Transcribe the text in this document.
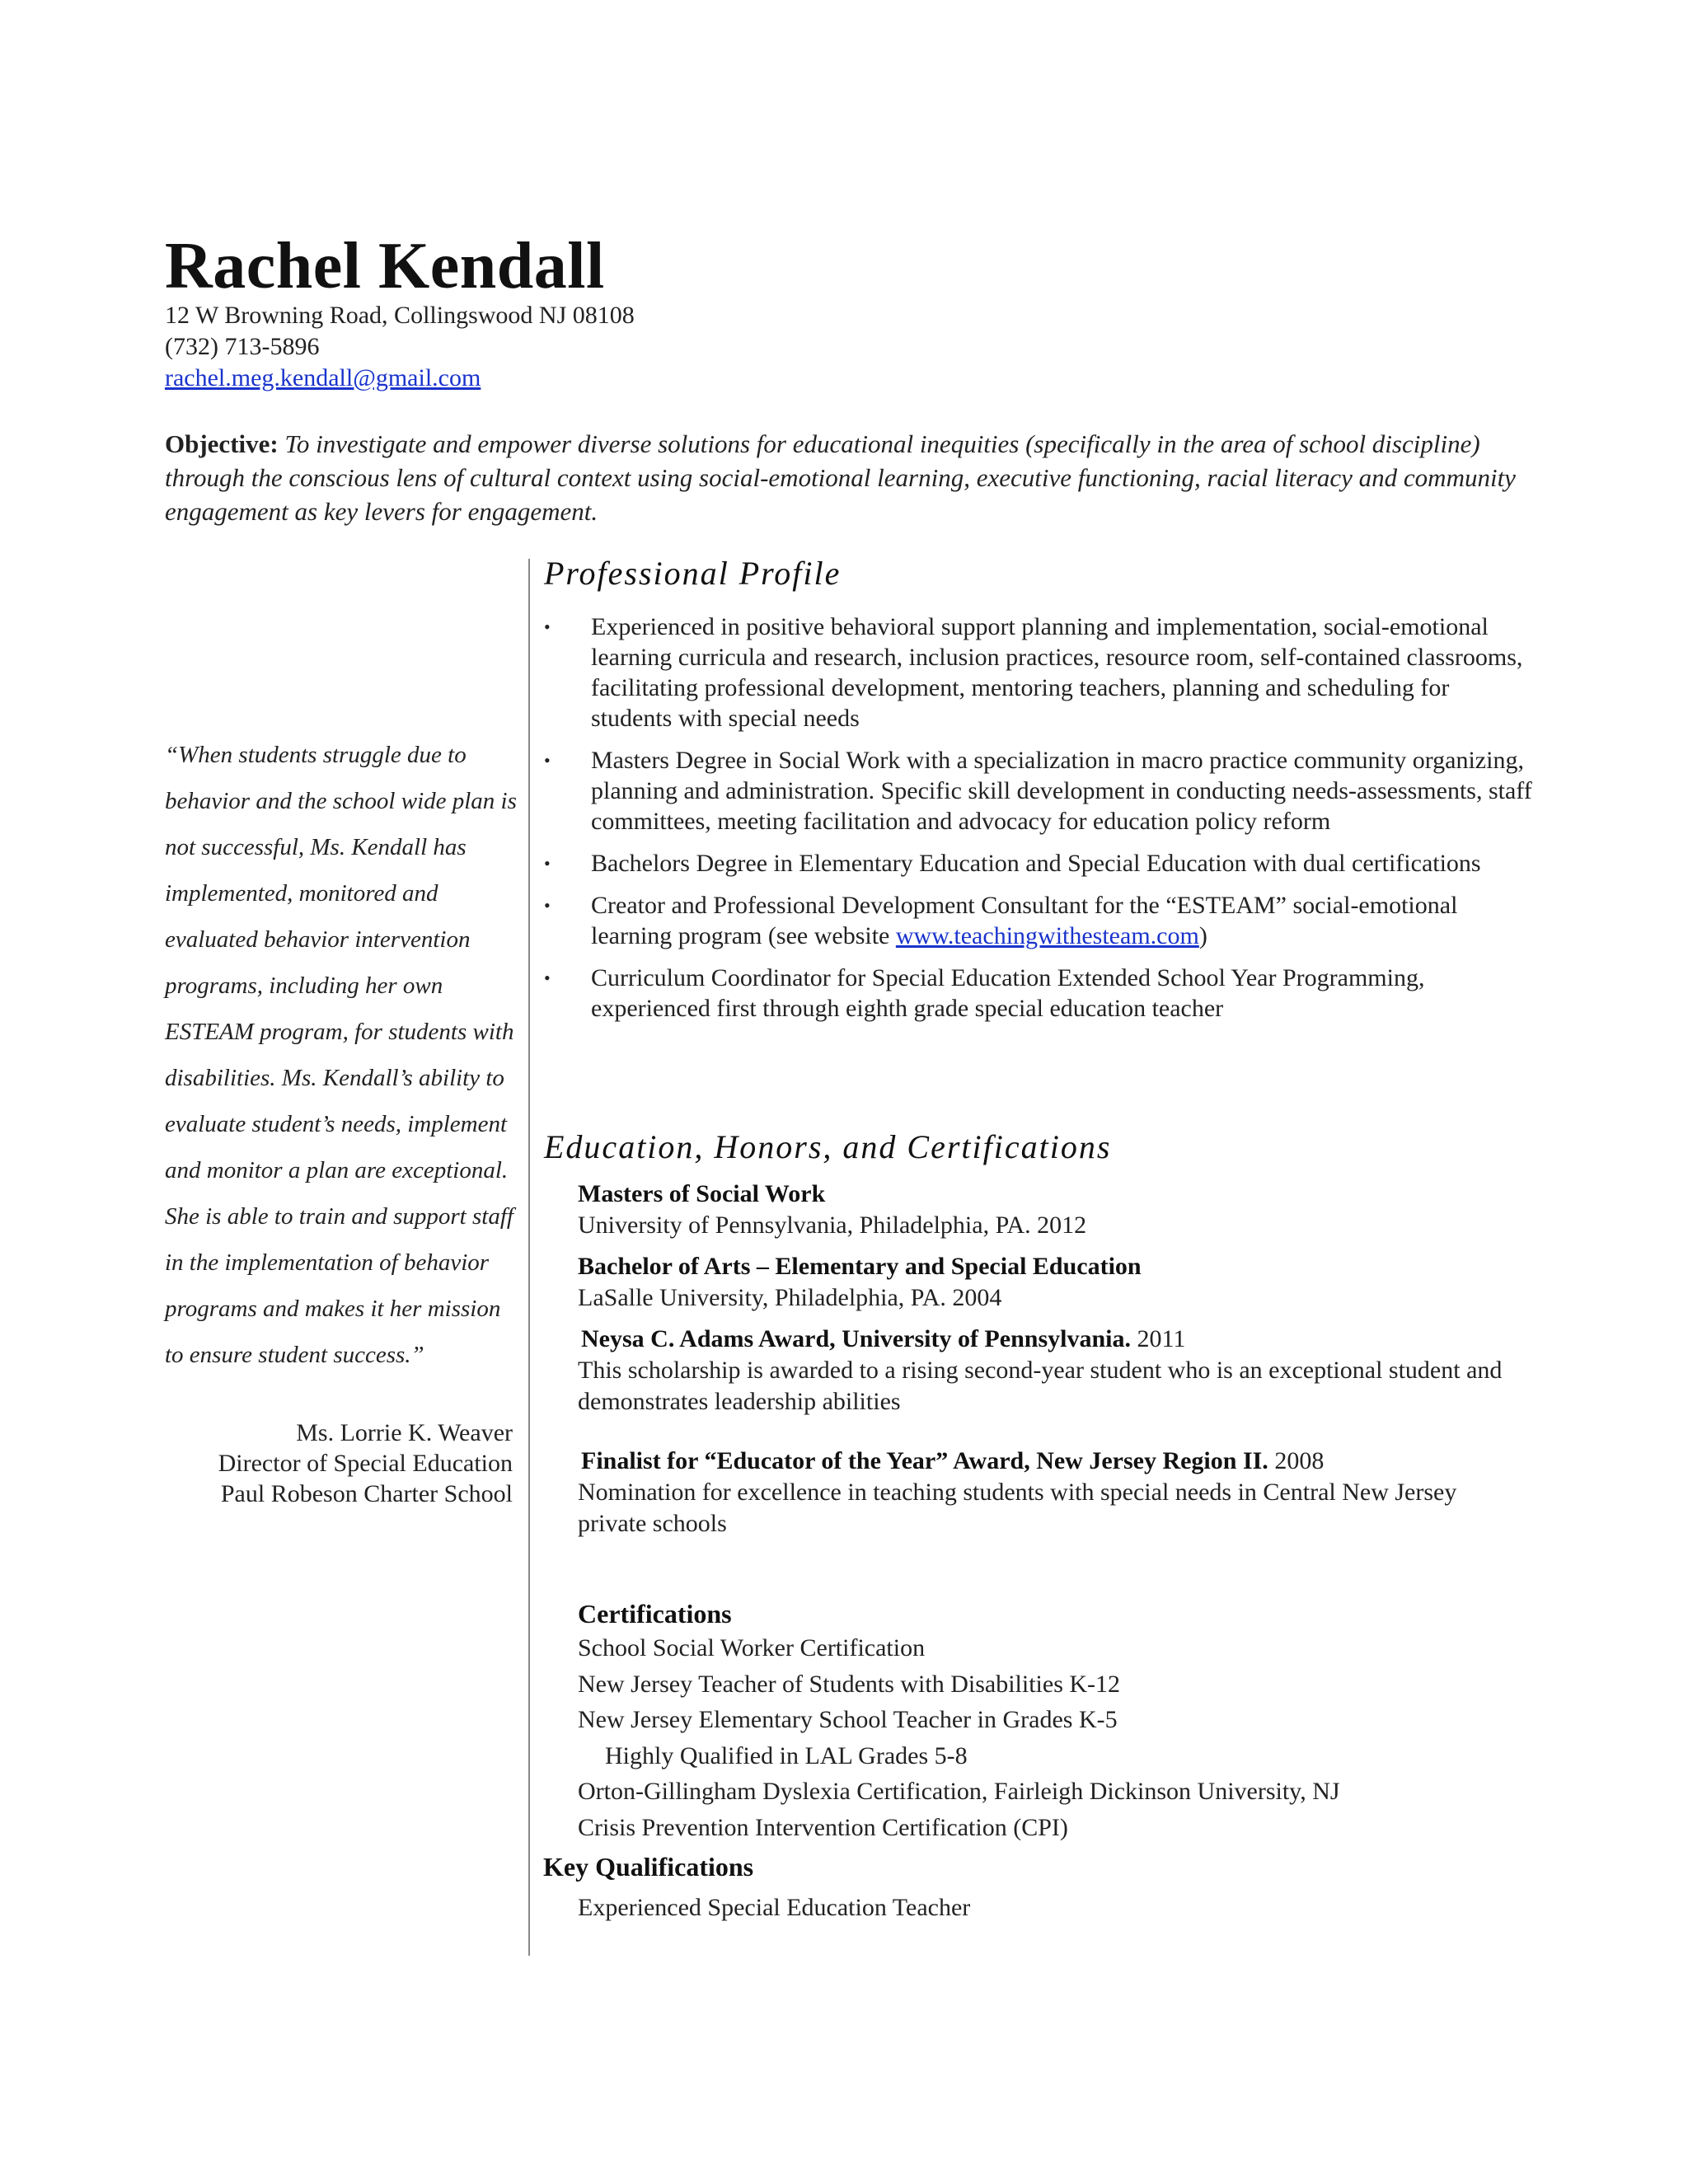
Rachel Kendall
12 W Browning Road, Collingswood NJ 08108
(732) 713-5896
rachel.meg.kendall@gmail.com
Objective: To investigate and empower diverse solutions for educational inequities (specifically in the area of school discipline) through the conscious lens of cultural context using social-emotional learning, executive functioning, racial literacy and community engagement as key levers for engagement.
“When students struggle due to behavior and the school wide plan is not successful, Ms. Kendall has implemented, monitored and evaluated behavior intervention programs, including her own ESTEAM program, for students with disabilities. Ms. Kendall’s ability to evaluate student’s needs, implement and monitor a plan are exceptional. She is able to train and support staff in the implementation of behavior programs and makes it her mission to ensure student success.”
Ms. Lorrie K. Weaver
Director of Special Education
Paul Robeson Charter School
Professional Profile
• Experienced in positive behavioral support planning and implementation, social-emotional learning curricula and research, inclusion practices, resource room, self-contained classrooms, facilitating professional development, mentoring teachers, planning and scheduling for students with special needs
• Masters Degree in Social Work with a specialization in macro practice community organizing, planning and administration. Specific skill development in conducting needs-assessments, staff committees, meeting facilitation and advocacy for education policy reform
• Bachelors Degree in Elementary Education and Special Education with dual certifications
• Creator and Professional Development Consultant for the “ESTEAM” social-emotional learning program (see website www.teachingwithesteam.com)
• Curriculum Coordinator for Special Education Extended School Year Programming, experienced first through eighth grade special education teacher
Education, Honors, and Certifications
Masters of Social Work
University of Pennsylvania, Philadelphia, PA. 2012
Bachelor of Arts – Elementary and Special Education
LaSalle University, Philadelphia, PA. 2004
Neysa C. Adams Award, University of Pennsylvania. 2011
This scholarship is awarded to a rising second-year student who is an exceptional student and demonstrates leadership abilities
Finalist for “Educator of the Year” Award, New Jersey Region II. 2008
Nomination for excellence in teaching students with special needs in Central New Jersey private schools
Certifications
School Social Worker Certification
New Jersey Teacher of Students with Disabilities K-12
New Jersey Elementary School Teacher in Grades K-5
Highly Qualified in LAL Grades 5-8
Orton-Gillingham Dyslexia Certification, Fairleigh Dickinson University, NJ
Crisis Prevention Intervention Certification (CPI)
Key Qualifications
Experienced Special Education Teacher
